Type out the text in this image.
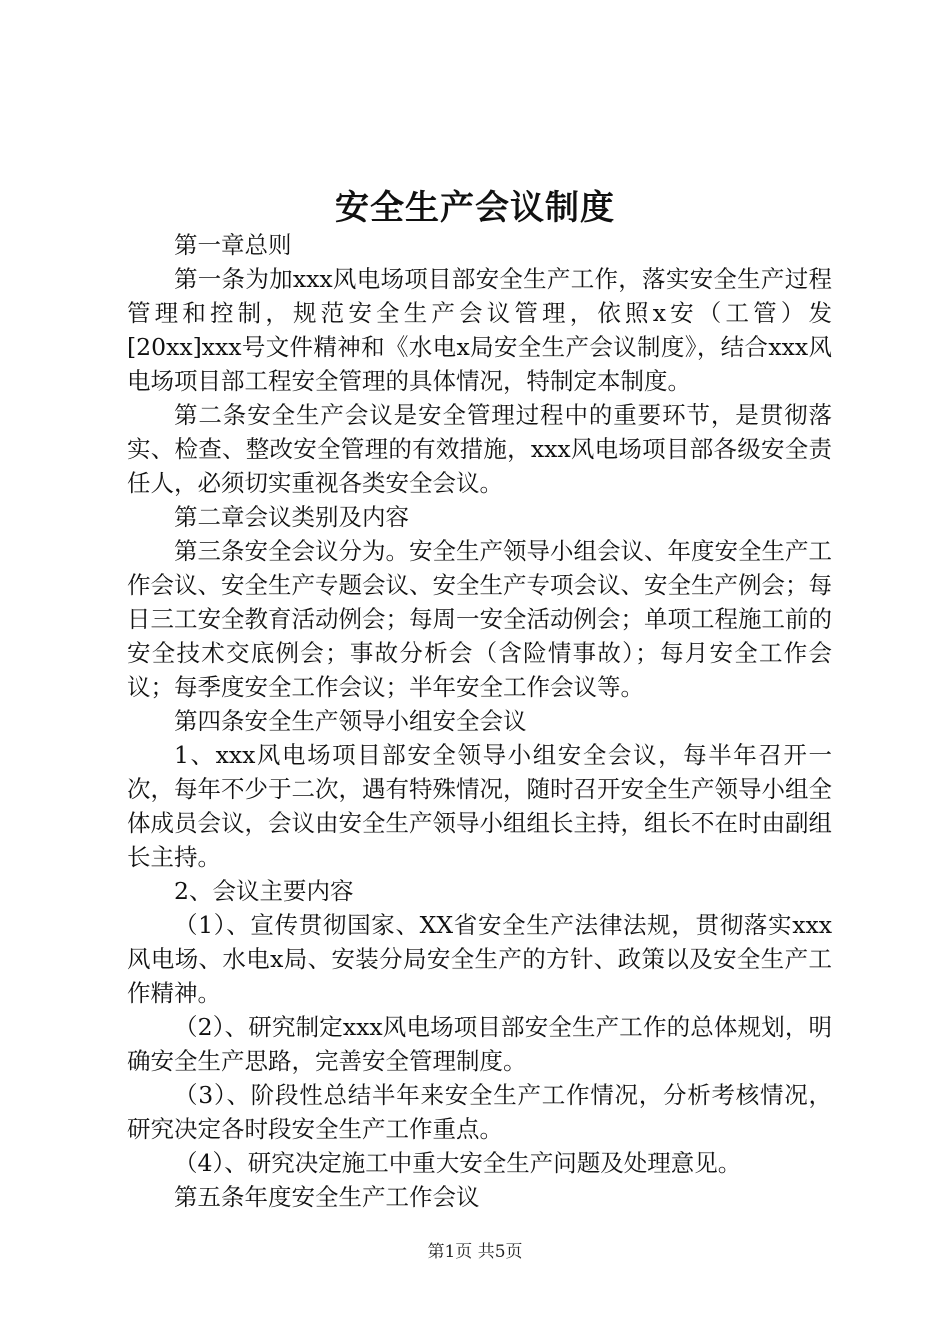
安全生产会议制度

第一章总则

第一条为加xxx风电场项目部安全生产工作，落实安全生产过程管理和控制，规范安全生产会议管理，依照x安（工管）发[20xx]xxx号文件精神和《水电x局安全生产会议制度》，结合xxx风电场项目部工程安全管理的具体情况，特制定本制度。

第二条安全生产会议是安全管理过程中的重要环节，是贯彻落实、检查、整改安全管理的有效措施，xxx风电场项目部各级安全责任人，必须切实重视各类安全会议。

第二章会议类别及内容

第三条安全会议分为。安全生产领导小组会议、年度安全生产工作会议、安全生产专题会议、安全生产专项会议、安全生产例会；每日三工安全教育活动例会；每周一安全活动例会；单项工程施工前的安全技术交底例会；事故分析会（含险情事故）；每月安全工作会议；每季度安全工作会议；半年安全工作会议等。

第四条安全生产领导小组安全会议

1、xxx风电场项目部安全领导小组安全会议，每半年召开一次，每年不少于二次，遇有特殊情况，随时召开安全生产领导小组全体成员会议，会议由安全生产领导小组组长主持，组长不在时由副组长主持。

2、会议主要内容

（1）、宣传贯彻国家、XX省安全生产法律法规，贯彻落实xxx风电场、水电x局、安装分局安全生产的方针、政策以及安全生产工作精神。

（2）、研究制定xxx风电场项目部安全生产工作的总体规划，明确安全生产思路，完善安全管理制度。

（3）、阶段性总结半年来安全生产工作情况，分析考核情况，研究决定各时段安全生产工作重点。

（4）、研究决定施工中重大安全生产问题及处理意见。

第五条年度安全生产工作会议

第1页 共5页
